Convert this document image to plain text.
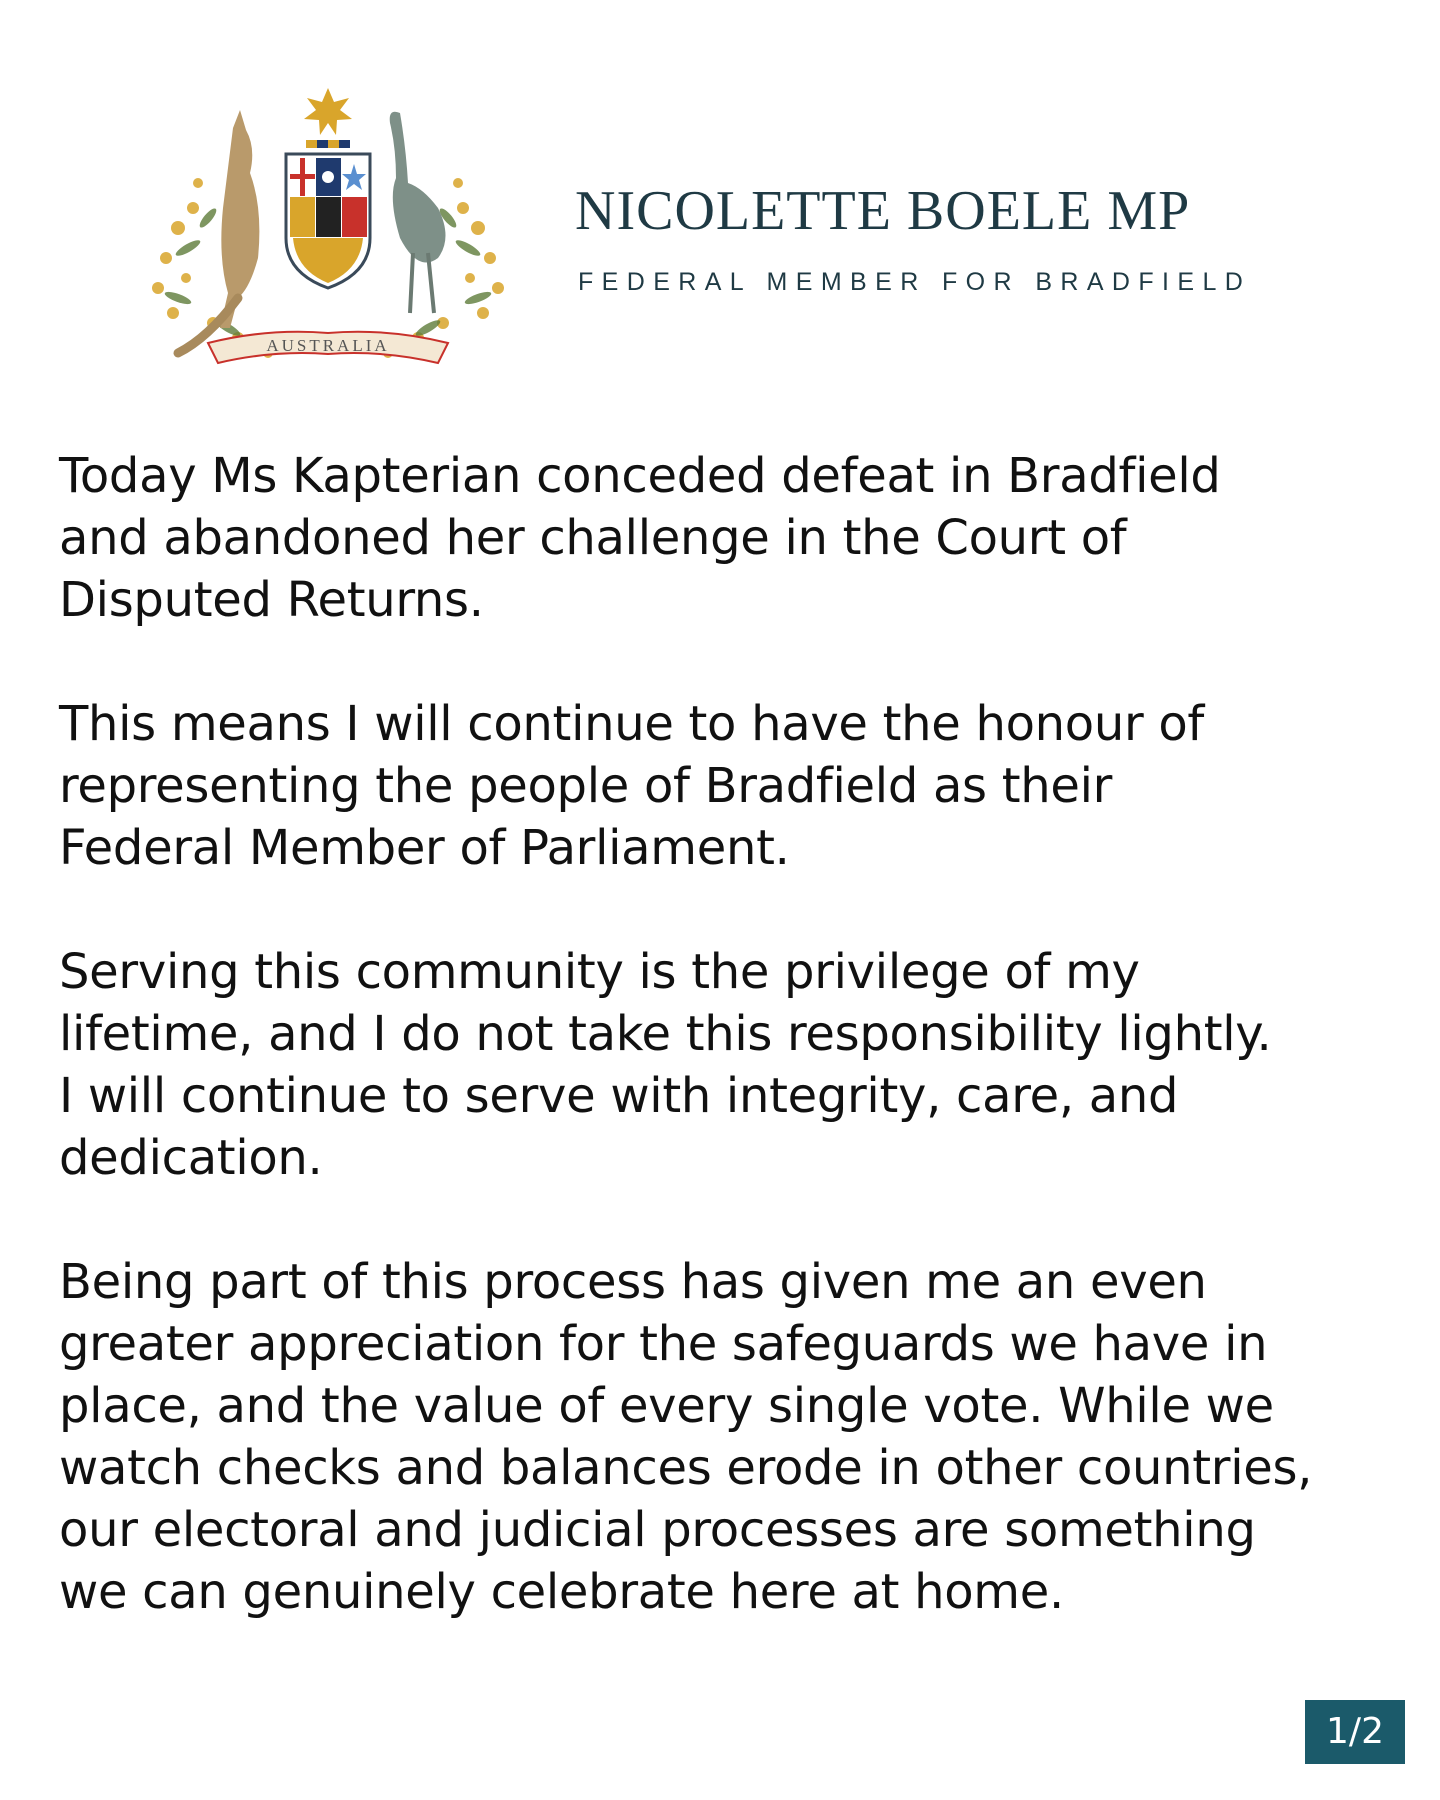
AUSTRALIA
NICOLETTE BOELE MP
FEDERAL MEMBER FOR BRADFIELD

Today Ms Kapterian conceded defeat in Bradfield
and abandoned her challenge in the Court of
Disputed Returns.

This means I will continue to have the honour of
representing the people of Bradfield as their
Federal Member of Parliament.

Serving this community is the privilege of my
lifetime, and I do not take this responsibility lightly.
I will continue to serve with integrity, care, and
dedication.

Being part of this process has given me an even
greater appreciation for the safeguards we have in
place, and the value of every single vote. While we
watch checks and balances erode in other countries,
our electoral and judicial processes are something
we can genuinely celebrate here at home.

1/2
